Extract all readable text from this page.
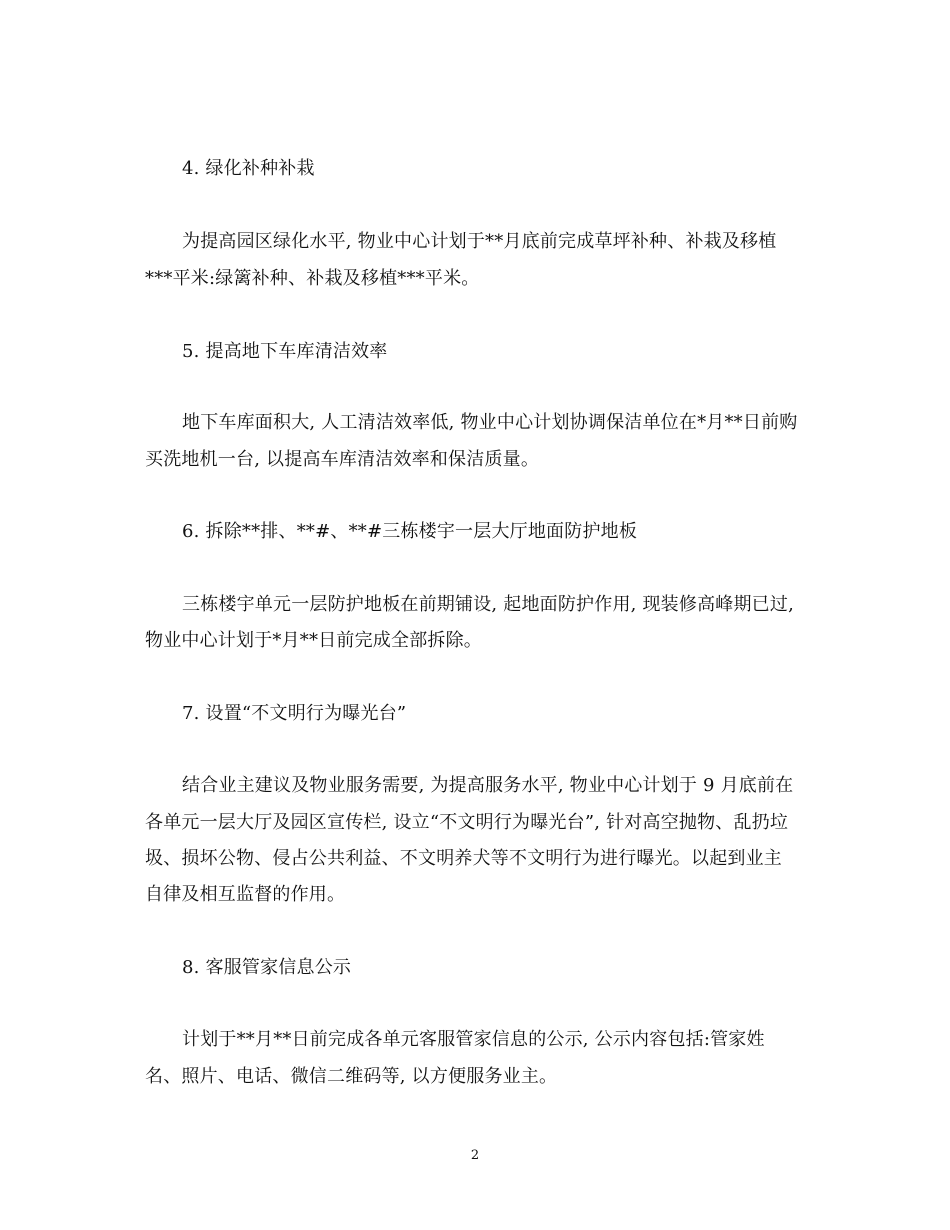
4. 绿化补种补栽
为提高园区绿化水平, 物业中心计划于**月底前完成草坪补种、补栽及移植
***平米:绿篱补种、补栽及移植***平米。
5. 提高地下车库清洁效率
地下车库面积大, 人工清洁效率低, 物业中心计划协调保洁单位在*月**日前购
买洗地机一台, 以提高车库清洁效率和保洁质量。
6. 拆除**排、**#、**#三栋楼宇一层大厅地面防护地板
三栋楼宇单元一层防护地板在前期铺设, 起地面防护作用, 现装修高峰期已过,
物业中心计划于*月**日前完成全部拆除。
7. 设置“不文明行为曝光台”
结合业主建议及物业服务需要, 为提高服务水平, 物业中心计划于 9 月底前在
各单元一层大厅及园区宣传栏, 设立“不文明行为曝光台”, 针对高空抛物、乱扔垃
圾、损坏公物、侵占公共利益、不文明养犬等不文明行为进行曝光。以起到业主
自律及相互监督的作用。
8. 客服管家信息公示
计划于**月**日前完成各单元客服管家信息的公示, 公示内容包括:管家姓
名、照片、电话、微信二维码等, 以方便服务业主。
2
